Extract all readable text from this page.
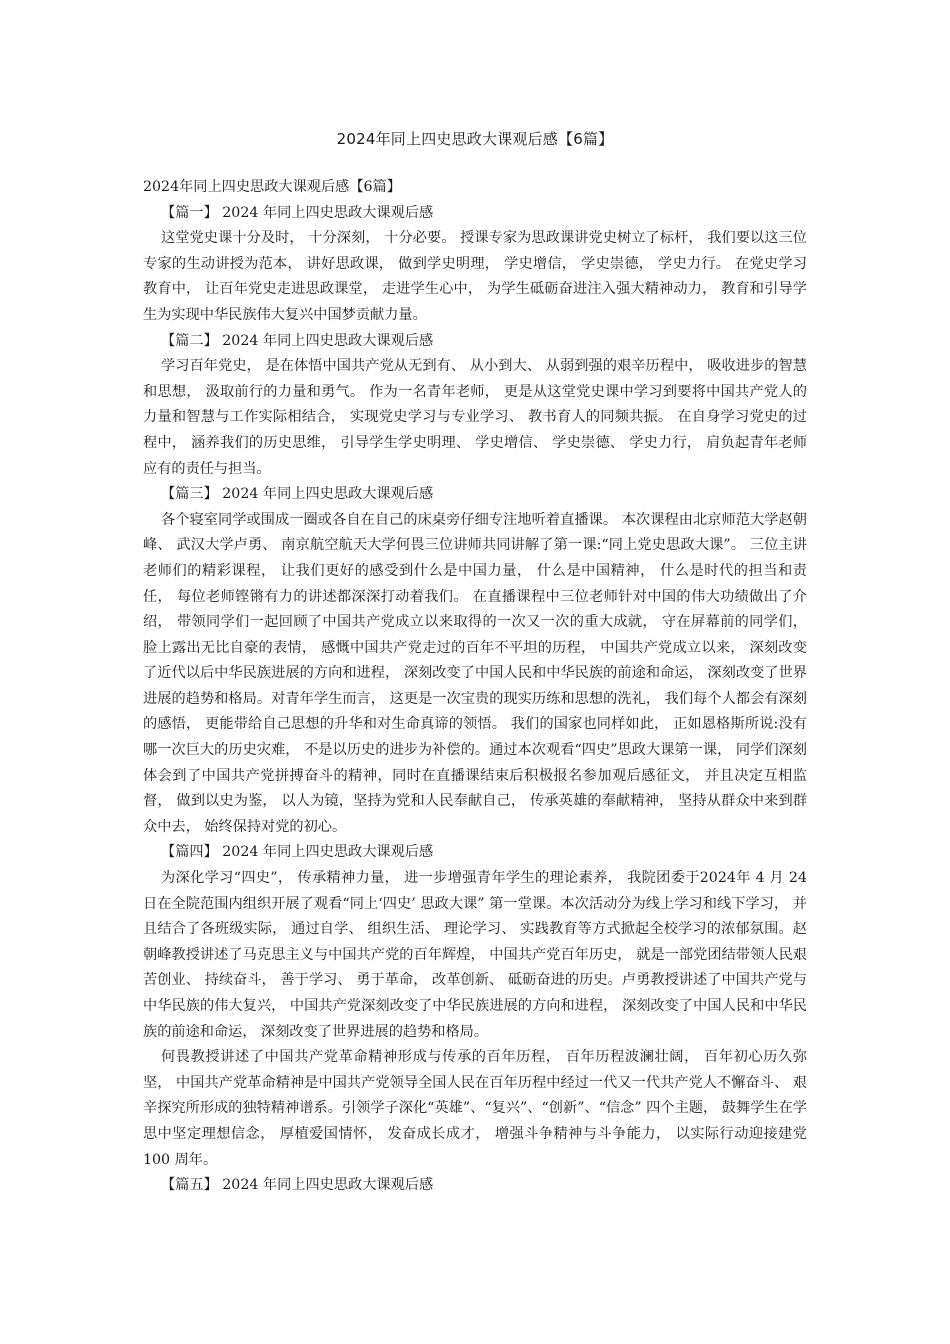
2024年同上四史思政大课观后感【6篇】

2024年同上四史思政大课观后感【6篇】

【篇一】 2024 年同上四史思政大课观后感

这堂党史课十分及时， 十分深刻， 十分必要。 授课专家为思政课讲党史树立了标杆， 我们要以这三位专家的生动讲授为范本， 讲好思政课， 做到学史明理， 学史增信， 学史崇德， 学史力行。 在党史学习教育中， 让百年党史走进思政课堂， 走进学生心中， 为学生砥砺奋进注入强大精神动力， 教育和引导学生为实现中华民族伟大复兴中国梦贡献力量。

【篇二】 2024 年同上四史思政大课观后感

学习百年党史， 是在体悟中国共产党从无到有、 从小到大、 从弱到强的艰辛历程中， 吸收进步的智慧和思想， 汲取前行的力量和勇气。 作为一名青年老师， 更是从这堂党史课中学习到要将中国共产党人的力量和智慧与工作实际相结合， 实现党史学习与专业学习、 教书育人的同频共振。 在自身学习党史的过程中， 涵养我们的历史思维， 引导学生学史明理、 学史增信、 学史崇德、 学史力行， 肩负起青年老师应有的责任与担当。

【篇三】 2024 年同上四史思政大课观后感

各个寝室同学或围成一圈或各自在自己的床桌旁仔细专注地听着直播课。 本次课程由北京师范大学赵朝峰、 武汉大学卢勇、 南京航空航天大学何畏三位讲师共同讲解了第一课:“同上党史思政大课”。 三位主讲老师们的精彩课程， 让我们更好的感受到什么是中国力量， 什么是中国精神， 什么是时代的担当和责任， 每位老师铿锵有力的讲述都深深打动着我们。 在直播课程中三位老师针对中国的伟大功绩做出了介绍， 带领同学们一起回顾了中国共产党成立以来取得的一次又一次的重大成就， 守在屏幕前的同学们， 脸上露出无比自豪的表情， 感慨中国共产党走过的百年不平坦的历程， 中国共产党成立以来， 深刻改变了近代以后中华民族进展的方向和进程， 深刻改变了中国人民和中华民族的前途和命运， 深刻改变了世界进展的趋势和格局。对青年学生而言， 这更是一次宝贵的现实历练和思想的洗礼， 我们每个人都会有深刻的感悟， 更能带给自己思想的升华和对生命真谛的领悟。 我们的国家也同样如此， 正如恩格斯所说:没有哪一次巨大的历史灾难， 不是以历史的进步为补偿的。通过本次观看“四史”思政大课第一课， 同学们深刻体会到了中国共产党拼搏奋斗的精神，同时在直播课结束后积极报名参加观后感征文， 并且决定互相监督， 做到以史为鉴， 以人为镜，坚持为党和人民奉献自己， 传承英雄的奉献精神， 坚持从群众中来到群众中去， 始终保持对党的初心。

【篇四】 2024 年同上四史思政大课观后感

为深化学习“四史”， 传承精神力量， 进一步增强青年学生的理论素养， 我院团委于2024年 4 月 24 日在全院范围内组织开展了观看“同上‘四史’ 思政大课” 第一堂课。本次活动分为线上学习和线下学习， 并且结合了各班级实际， 通过自学、 组织生活、 理论学习、 实践教育等方式掀起全校学习的浓郁氛围。赵朝峰教授讲述了马克思主义与中国共产党的百年辉煌， 中国共产党百年历史， 就是一部党团结带领人民艰苦创业、 持续奋斗， 善于学习、 勇于革命， 改革创新、 砥砺奋进的历史。卢勇教授讲述了中国共产党与中华民族的伟大复兴， 中国共产党深刻改变了中华民族进展的方向和进程， 深刻改变了中国人民和中华民族的前途和命运， 深刻改变了世界进展的趋势和格局。

何畏教授讲述了中国共产党革命精神形成与传承的百年历程， 百年历程波澜壮阔， 百年初心历久弥坚， 中国共产党革命精神是中国共产党领导全国人民在百年历程中经过一代又一代共产党人不懈奋斗、 艰辛探究所形成的独特精神谱系。引领学子深化“英雄”、“复兴”、“创新”、“信念” 四个主题， 鼓舞学生在学思中坚定理想信念， 厚植爱国情怀， 发奋成长成才， 增强斗争精神与斗争能力， 以实际行动迎接建党 100 周年。

【篇五】 2024 年同上四史思政大课观后感
